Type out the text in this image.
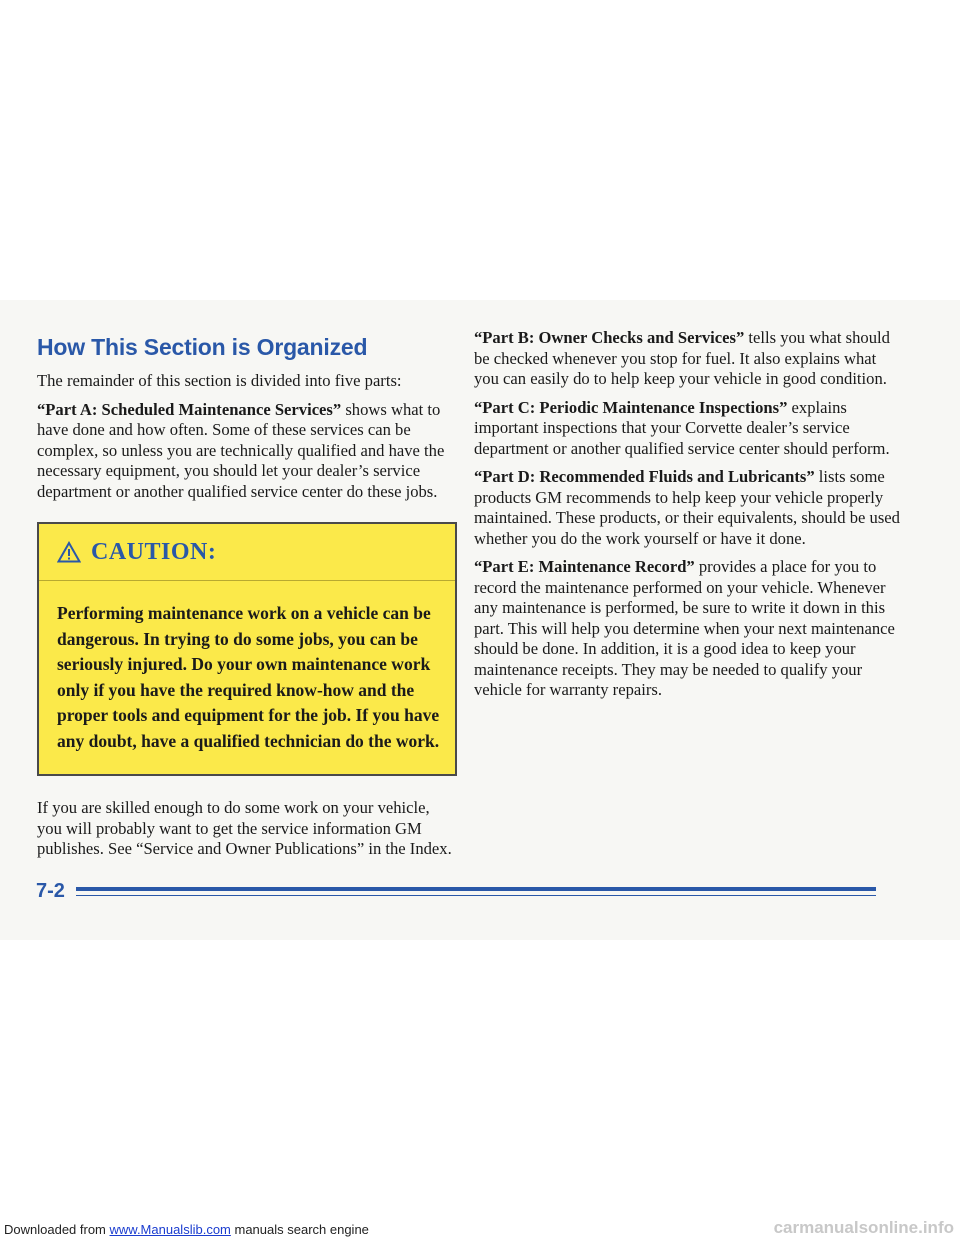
How This Section is Organized

The remainder of this section is divided into five parts:

“Part A: Scheduled Maintenance Services” shows what to have done and how often. Some of these services can be complex, so unless you are technically qualified and have the necessary equipment, you should let your dealer’s service department or another qualified service center do these jobs.

CAUTION:
Performing maintenance work on a vehicle can be dangerous. In trying to do some jobs, you can be seriously injured. Do your own maintenance work only if you have the required know-how and the proper tools and equipment for the job. If you have any doubt, have a qualified technician do the work.

If you are skilled enough to do some work on your vehicle, you will probably want to get the service information GM publishes. See “Service and Owner Publications” in the Index.

“Part B: Owner Checks and Services” tells you what should be checked whenever you stop for fuel. It also explains what you can easily do to help keep your vehicle in good condition.

“Part C: Periodic Maintenance Inspections” explains important inspections that your Corvette dealer’s service department or another qualified service center should perform.

“Part D: Recommended Fluids and Lubricants” lists some products GM recommends to help keep your vehicle properly maintained. These products, or their equivalents, should be used whether you do the work yourself or have it done.

“Part E: Maintenance Record” provides a place for you to record the maintenance performed on your vehicle. Whenever any maintenance is performed, be sure to write it down in this part. This will help you determine when your next maintenance should be done. In addition, it is a good idea to keep your maintenance receipts. They may be needed to qualify your vehicle for warranty repairs.

7-2
Downloaded from www.Manualslib.com manuals search engine	carmanualsonline.info
